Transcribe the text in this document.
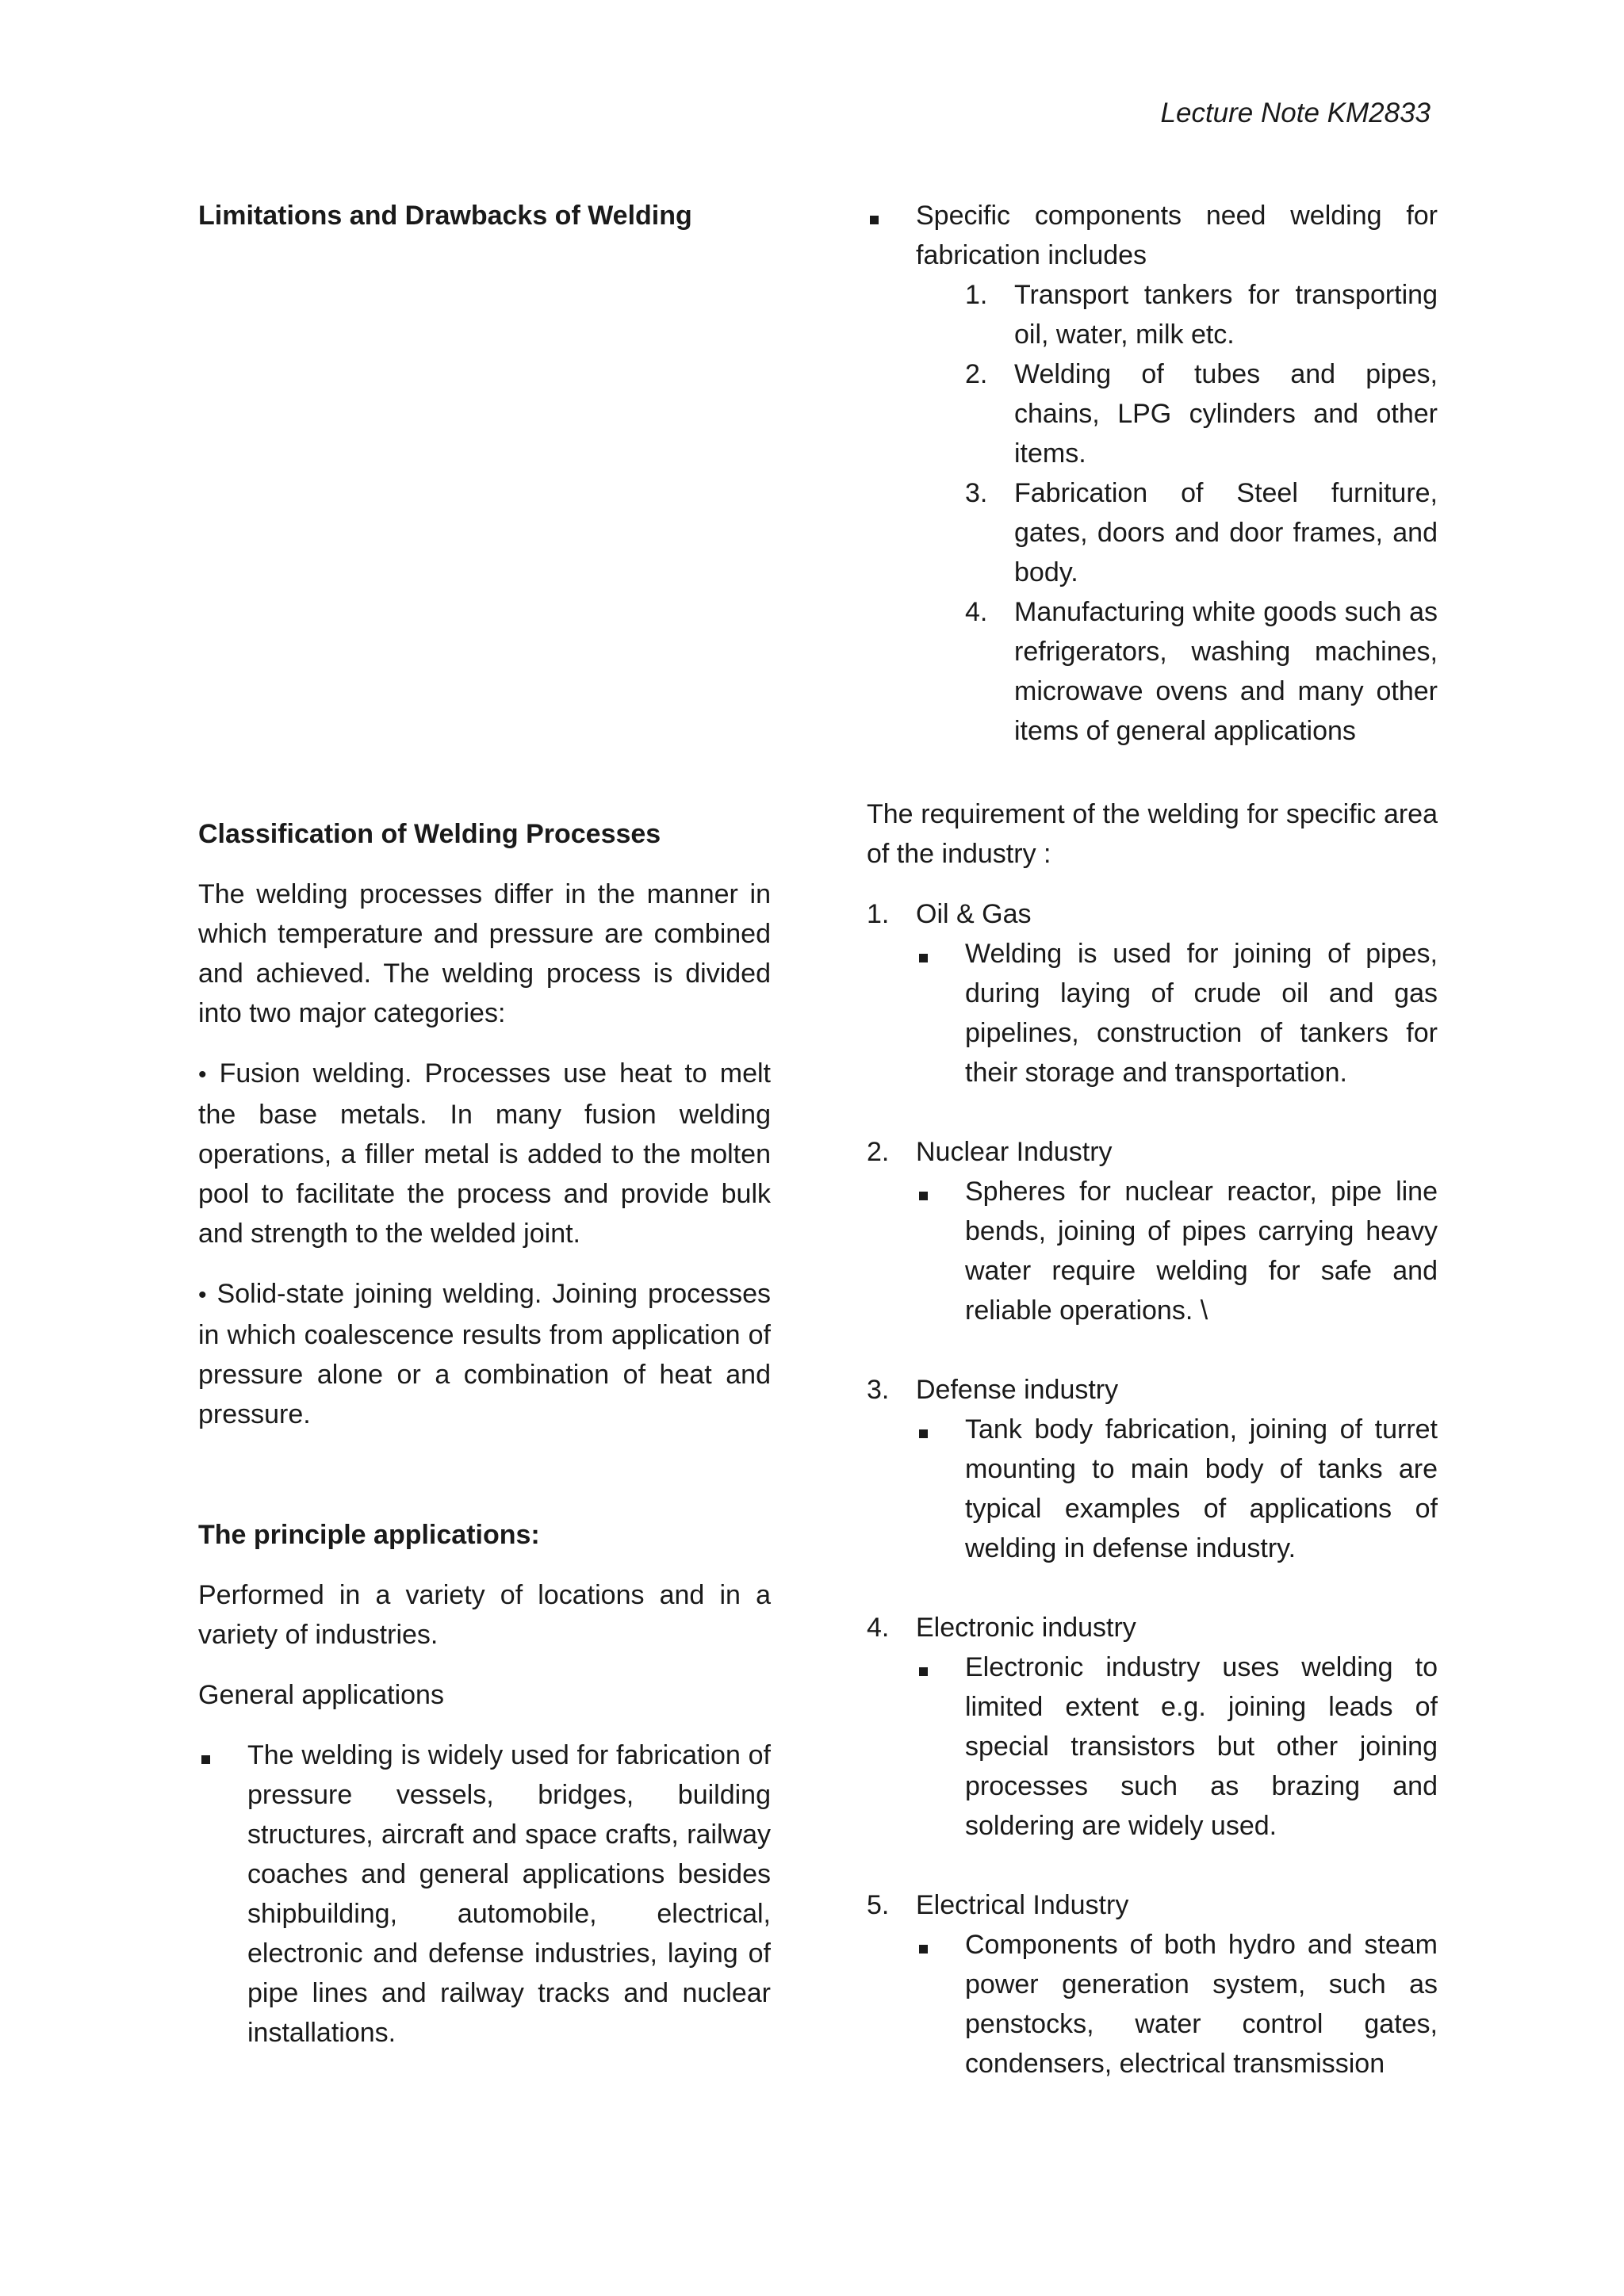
Lecture Note KM2833

Limitations and Drawbacks of Welding

Classification of Welding Processes

The welding processes differ in the manner in which temperature and pressure are combined and achieved. The welding process is divided into two major categories:

• Fusion welding. Processes use heat to melt the base metals. In many fusion welding operations, a filler metal is added to the molten pool to facilitate the process and provide bulk and strength to the welded joint.

• Solid-state joining welding. Joining processes in which coalescence results from application of pressure alone or a combination of heat and pressure.

The principle applications:

Performed in a variety of locations and in a variety of industries.

General applications

The welding is widely used for fabrication of pressure vessels, bridges, building structures, aircraft and space crafts, railway coaches and general applications besides shipbuilding, automobile, electrical, electronic and defense industries, laying of pipe lines and railway tracks and nuclear installations.
Specific components need welding for fabrication includes
1. Transport tankers for transporting oil, water, milk etc.
2. Welding of tubes and pipes, chains, LPG cylinders and other items.
3. Fabrication of Steel furniture, gates, doors and door frames, and body.
4. Manufacturing white goods such as refrigerators, washing machines, microwave ovens and many other items of general applications

The requirement of the welding for specific area of the industry :

1. Oil & Gas
Welding is used for joining of pipes, during laying of crude oil and gas pipelines, construction of tankers for their storage and transportation.
2. Nuclear Industry
Spheres for nuclear reactor, pipe line bends, joining of pipes carrying heavy water require welding for safe and reliable operations. \
3. Defense industry
Tank body fabrication, joining of turret mounting to main body of tanks are typical examples of applications of welding in defense industry.
4. Electronic industry
Electronic industry uses welding to limited extent e.g. joining leads of special transistors but other joining processes such as brazing and soldering are widely used.
5. Electrical Industry
Components of both hydro and steam power generation system, such as penstocks, water control gates, condensers, electrical transmission
